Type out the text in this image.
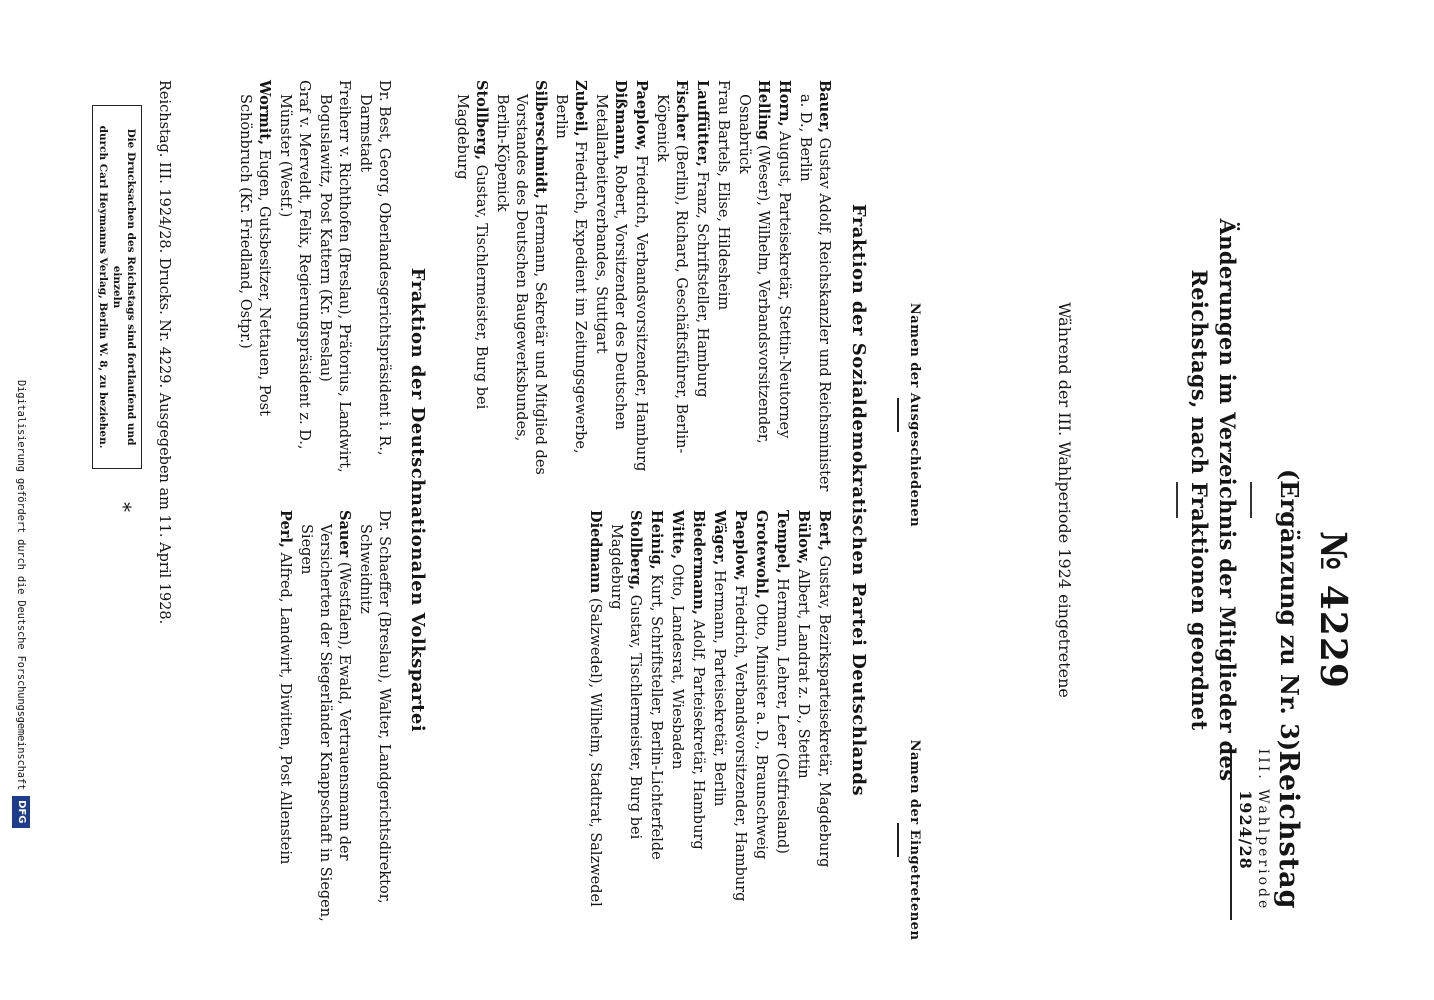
Reichstag
III. Wahlperiode
1924/28
№ 4229
(Ergänzung zu Nr. 3)
Änderungen im Verzeichnis der Mitglieder des Reichstags, nach Fraktionen geordnet
Während der III. Wahlperiode 1924 eingetretene
Namen der Ausgeschiedenen
Namen der Eingetretenen
Fraktion der Sozialdemokratischen Partei Deutschlands
Bauer, Gustav Adolf, Reichskanzler und Reichsminister a. D., Berlin
Horn, August, Parteisekretär, Stettin-Neutorney
Helling (Weser), Wilhelm, Verbandsvorsitzender, Osnabrück
Frau Bartels, Elise, Hildesheim
Lauffütter, Franz, Schriftsteller, Hamburg
Fischer (Berlin), Richard, Geschäftsführer, Berlin-Köpenick
Paeplow, Friedrich, Verbandsvorsitzender, Hamburg
Dißmann, Robert, Vorsitzender des Deutschen Metallarbeiterverbandes, Stuttgart
Zubeil, Friedrich, Expedient im Zeitungsgewerbe, Berlin
Silberschmidt, Hermann, Sekretär und Mitglied des Vorstandes des Deutschen Baugewerksbundes, Berlin-Köpenick
Stollberg, Gustav, Tischlermeister, Burg bei Magdeburg
Bert, Gustav, Bezirksparteisekretär, Magdeburg
Bülow, Albert, Landrat z. D., Stettin
Tempel, Hermann, Lehrer, Leer (Ostfriesland)
Grotewohl, Otto, Minister a. D., Braunschweig
Paeplow, Friedrich, Verbandsvorsitzender, Hamburg
Wäger, Hermann, Parteisekretär, Berlin
Biedermann, Adolf, Parteisekretär, Hamburg
Witte, Otto, Landesrat, Wiesbaden
Heinig, Kurt, Schriftsteller, Berlin-Lichterfelde
Stollberg, Gustav, Tischlermeister, Burg bei Magdeburg
Diedmann (Salzwedel), Wilhelm, Stadtrat, Salzwedel
Fraktion der Deutschnationalen Volkspartei
Dr. Best, Georg, Oberlandesgerichtspräsident i. R., Darmstadt
Freiherr v. Richthofen (Breslau), Prätorius, Landwirt, Boguslawitz, Post Kattern (Kr. Breslau)
Graf v. Merveldt, Felix, Regierungspräsident z. D., Münster (Westf.)
Wormit, Eugen, Gutsbesitzer, Nettauen, Post Schönbruch (Kr. Friedland, Ostpr.)
Dr. Schaeffer (Breslau), Walter, Landgerichtsdirektor, Schweidnitz
Sauer (Westfalen), Ewald, Vertrauensmann der Versicherten der Siegerländer Knappschaft in Siegen, Siegen
Perl, Alfred, Landwirt, Diwitten, Post Allenstein
Reichstag. III. 1924/28. Drucks. Nr. 4229. Ausgegeben am 11. April 1928.
Die Drucksachen des Reichstags sind fortlaufend und einzeln
durch Carl Heymanns Verlag, Berlin W. 8, zu beziehen.
*
Digitalisierung gefördert durch die Deutsche Forschungsgemeinschaft
DFG
